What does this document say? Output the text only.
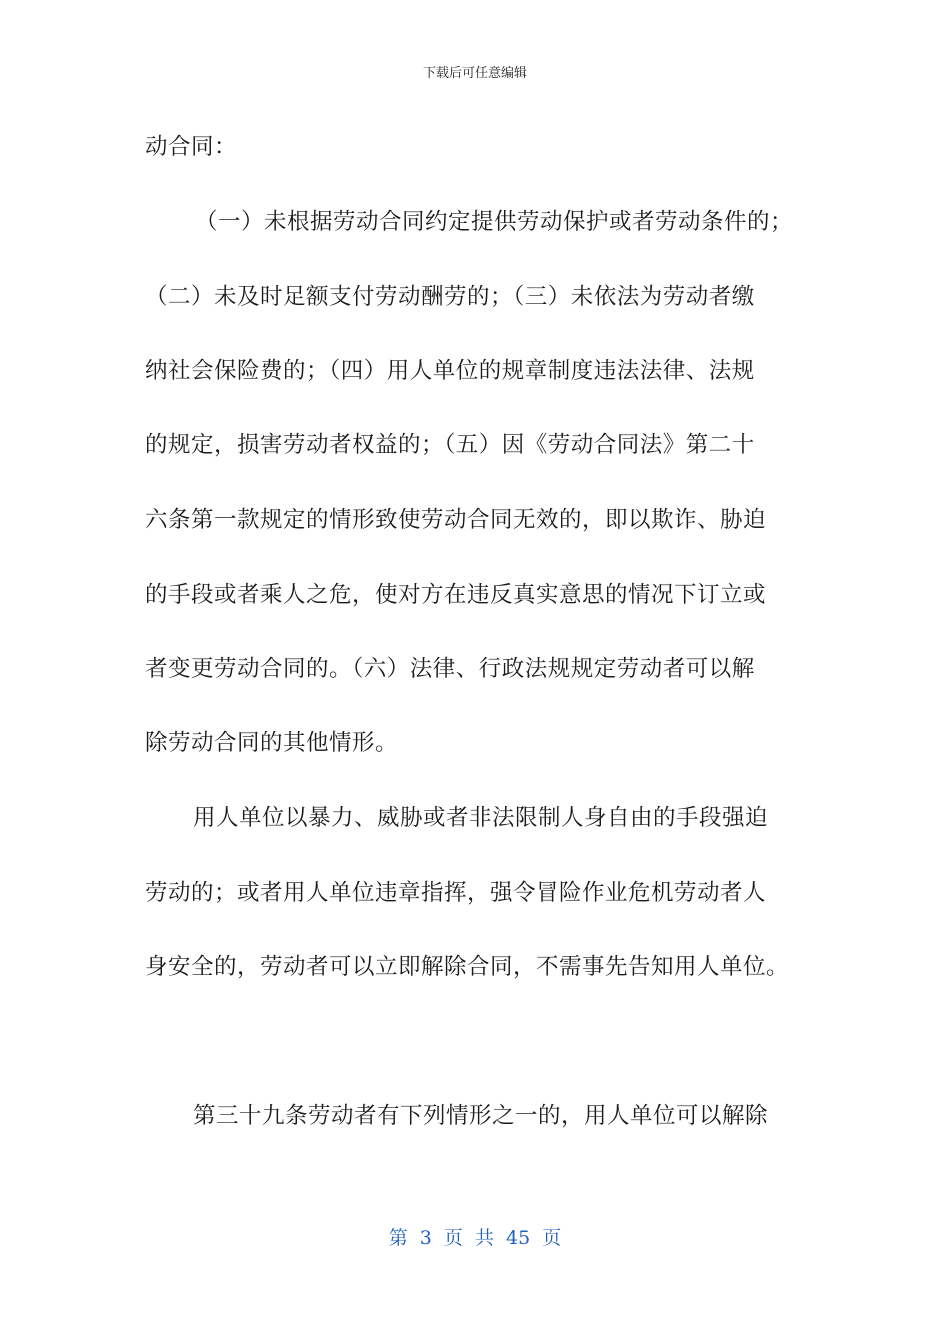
下载后可任意编辑
动合同：
（一）未根据劳动合同约定提供劳动保护或者劳动条件的；
（二）未及时足额支付劳动酬劳的；（三）未依法为劳动者缴
纳社会保险费的；（四）用人单位的规章制度违法法律、法规
的规定，损害劳动者权益的；（五）因《劳动合同法》第二十
六条第一款规定的情形致使劳动合同无效的，即以欺诈、胁迫
的手段或者乘人之危，使对方在违反真实意思的情况下订立或
者变更劳动合同的。（六）法律、行政法规规定劳动者可以解
除劳动合同的其他情形。
用人单位以暴力、威胁或者非法限制人身自由的手段强迫
劳动的；或者用人单位违章指挥，强令冒险作业危机劳动者人
身安全的，劳动者可以立即解除合同，不需事先告知用人单位。
第三十九条劳动者有下列情形之一的，用人单位可以解除
第 3 页 共 45 页
